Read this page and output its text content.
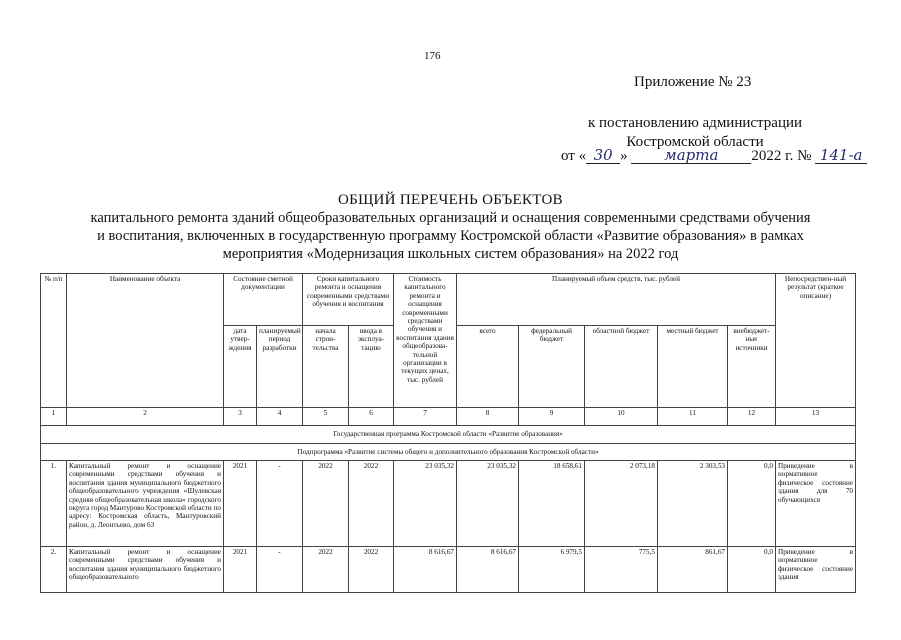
176
Приложение № 23
к постановлению администрации
Костромской области
от « 30 » марта 2022 г. № 141-а
ОБЩИЙ ПЕРЕЧЕНЬ ОБЪЕКТОВ
капитального ремонта зданий общеобразовательных организаций и оснащения современными средствами обучения
и воспитания, включенных в государственную программу Костромской области «Развитие образования» в рамках
мероприятия «Модернизация школьных систем образования» на 2022 год
№ п/п	Наименование объекта	Состояние сметной документации		Сроки капитального ремонта и оснащения современными средствами обучения и воспитания		Стоимость капитального ремонта и оснащения современными средствами обучения и воспитания здания общеобразова-тельной организации в текущих ценах, тыс. рублей	Планируемый объем средств, тыс. рублей					Непосредствен-ный результат (краткое описание)
		дата утвер-ждения	планируемый период разработки	начала строи-тельства	ввода в эксплуа-тацию		всего	федеральный бюджет	областной бюджет	местный бюджет	внебюджет-ные источники	
1	2	3	4	5	6	7	8	9	10	11	12	13
Государственная программа Костромской области «Развитие образования»												
Подпрограмма «Развитие системы общего и дополнительного образования Костромской области»												
1.	Капитальный ремонт и оснащение современными средствами обучения и воспитания здания муниципального бюджетного общеобразовательного учреждения «Шулевская средняя общеобразовательная школа» городского округа город Мантурово Костромской области по адресу: Костромская область, Мантуровский район, д. Леонтьево, дом 63	2021	-	2022	2022	23 035,32	23 035,32	18 658,61	2 073,18	2 303,53	0,0	Приведение в нормативное физическое состояние здания для 70 обучающихся
2.	Капитальный ремонт и оснащение современными средствами обучения и воспитания здания муниципального бюджетного общеобразовательного	2021	-	2022	2022	8 616,67	8 616,67	6 979,5	775,5	861,67	0,0	Приведение в нормативное физическое состояние здания
